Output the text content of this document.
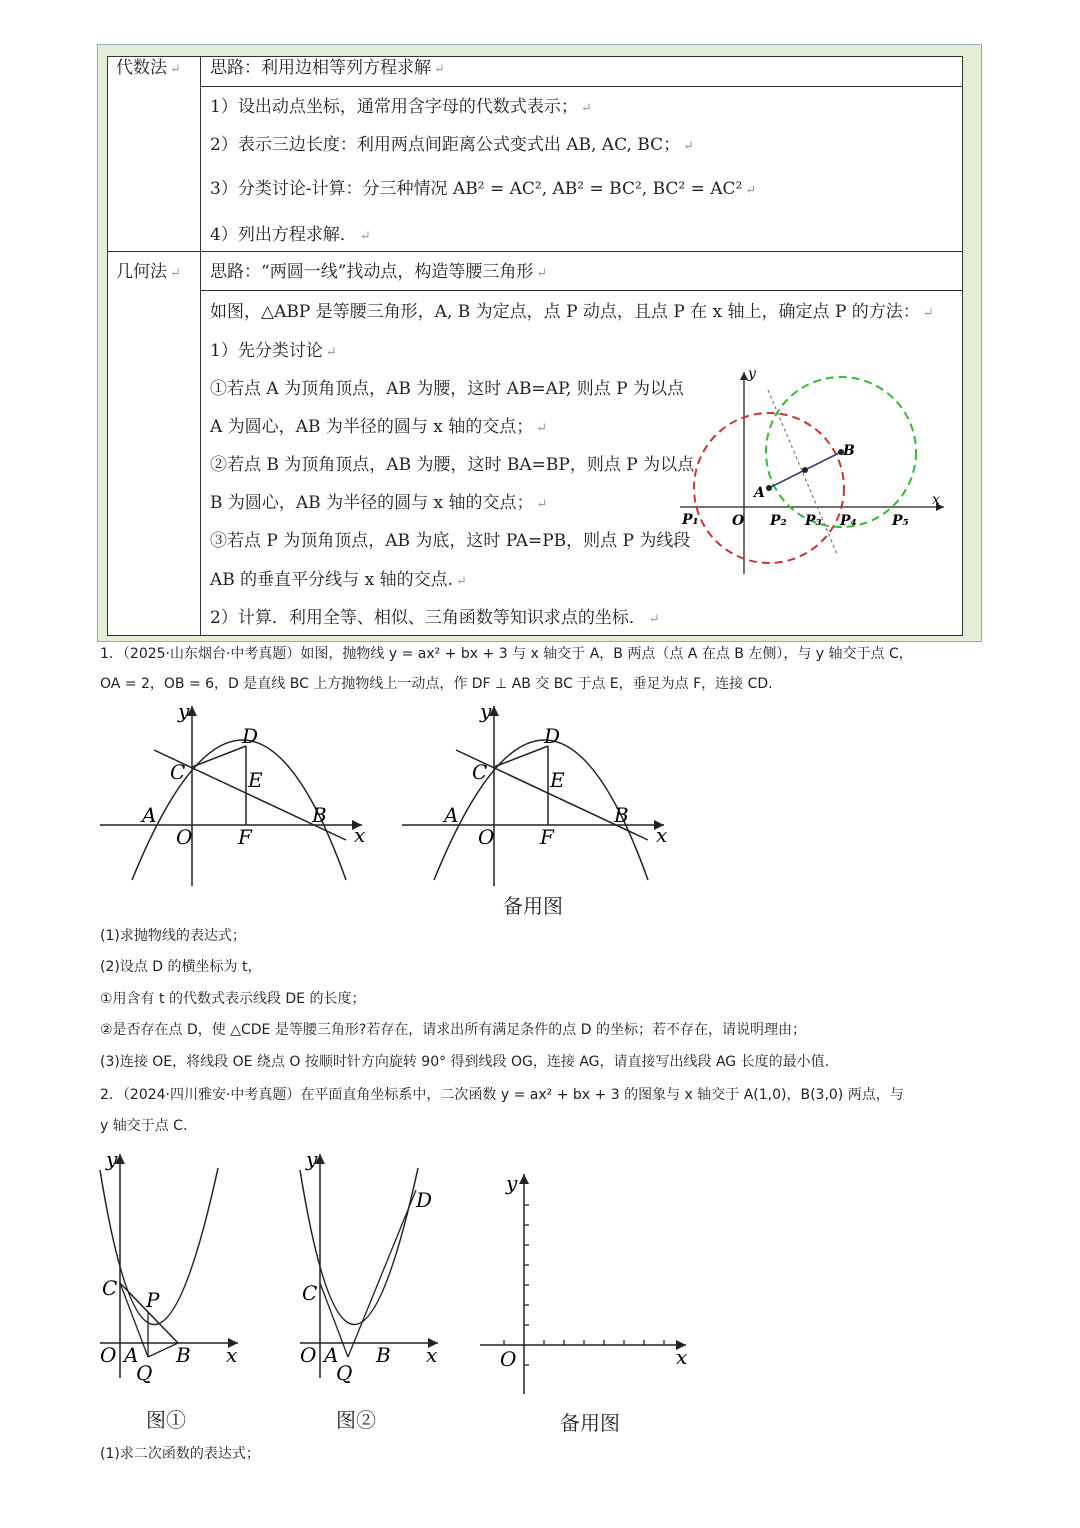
代数法 ↵ 思路：利用边相等列方程求解 ↵
1）设出动点坐标，通常用含字母的代数式表示； ↵
2）表示三边长度：利用两点间距离公式变式出 AB, AC, BC； ↵
3）分类讨论-计算：分三种情况 AB² = AC², AB² = BC², BC² = AC² ↵
4）列出方程求解． ↵
几何法 ↵ 思路：“两圆一线”找动点，构造等腰三角形 ↵
如图，△ABP 是等腰三角形，A, B 为定点，点 P 动点，且点 P 在 x 轴上，确定点 P 的方法： ↵
1）先分类讨论 ↵
①若点 A 为顶角顶点，AB 为腰，这时 AB=AP, 则点 P 为以点
A 为圆心，AB 为半径的圆与 x 轴的交点； ↵
②若点 B 为顶角顶点，AB 为腰，这时 BA=BP，则点 P 为以点
B 为圆心，AB 为半径的圆与 x 轴的交点； ↵
③若点 P 为顶角顶点，AB 为底，这时 PA=PB，则点 P 为线段
AB 的垂直平分线与 x 轴的交点. ↵
2）计算．利用全等、相似、三角函数等知识求点的坐标． ↵
y
x
A
B
O
P₁	P₂ P₃ P₄	P₅
1．（2025·山东烟台·中考真题）如图，抛物线 y = ax² + bx + 3 与 x 轴交于 A，B 两点（点 A 在点 B 左侧），与 y 轴交于点 C，
OA = 2，OB = 6，D 是直线 BC 上方抛物线上一动点，作 DF ⊥ AB 交 BC 于点 E，垂足为点 F，连接 CD.
y
x
A	B
C
D
E
F
O
y
x
A	B
C
D
E
F
O
备用图
(1)求抛物线的表达式；
(2)设点 D 的横坐标为 t，
①用含有 t 的代数式表示线段 DE 的长度；
②是否存在点 D，使 △CDE 是等腰三角形?若存在，请求出所有满足条件的点 D 的坐标；若不存在，请说明理由；
(3)连接 OE，将线段 OE 绕点 O 按顺时针方向旋转 90° 得到线段 OG，连接 AG，请直接写出线段 AG 长度的最小值.
2．（2024·四川雅安·中考真题）在平面直角坐标系中，二次函数 y = ax² + bx + 3 的图象与 x 轴交于 A(1,0)，B(3,0) 两点，与
y 轴交于点 C.
y
x
O A B
C P
Q
图①
y
x
O A B
C
D
Q
图②
y
x
O
备用图
(1)求二次函数的表达式；
